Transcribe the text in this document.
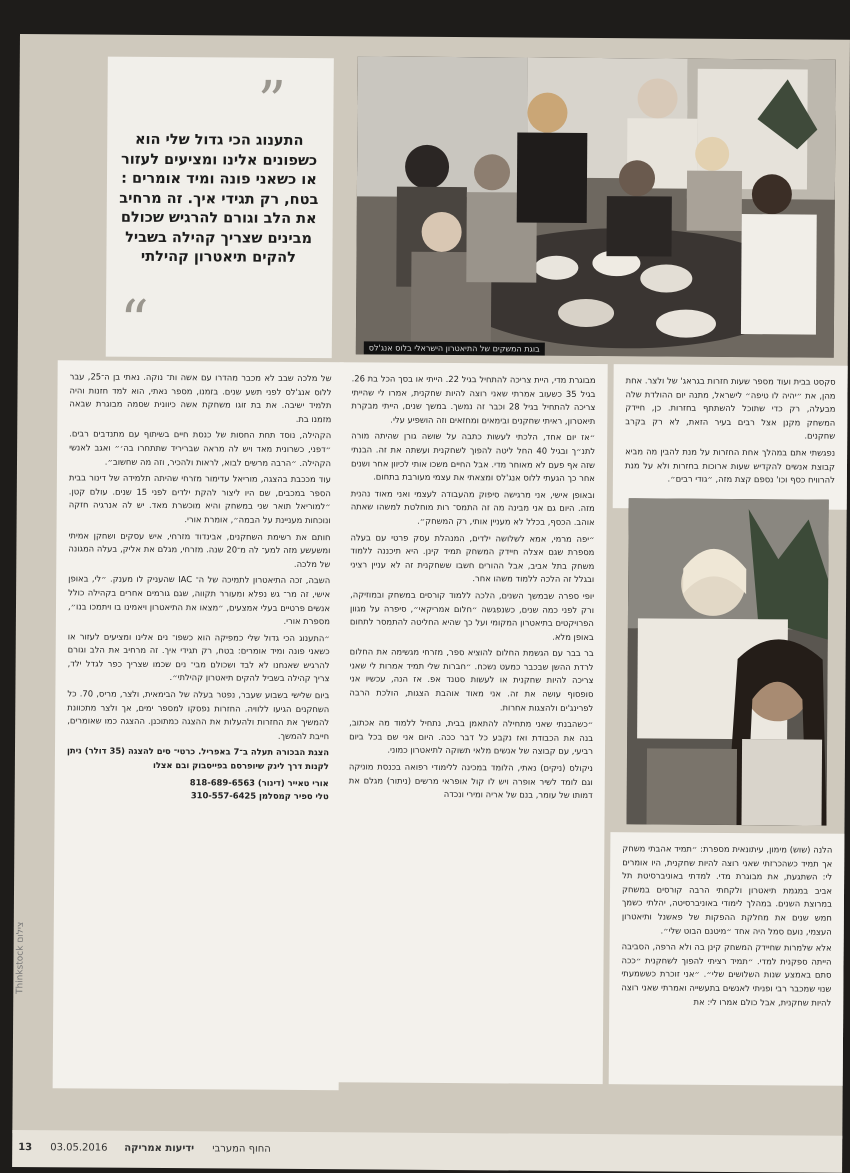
”
“
התענוג הכי גדול שלי הוא כשפונים אלינו ומציעים לעזור או כשאני פונה ומיד אומרים : בטח, רק תגידי איך. זה מרחיב את הלב וגורם להרגיש שכולם מבינים שצריך קהילה בשביל להקים תיאטרון קהילתי
בוגת המשקים של התיאטרון הישראלי בלוס אנג'לס

של מלכה שבב לא מכבר מהדרו עם אשה ות־ נוקה. נאתי בן ה־25, עבר ללוס אנג'לס לפני תשע שנים. בזמנו, מספר נאתי, הוא למד חזנות והיה תלמיד ישיבה. את בת זוגו משחקת אשה כיוונית שסמה מבוגרת שבאה מזמנו בת.

הקהילה, נוסד תחת החסות של כנסת חיים בשיתוף עם מתנדבים רבים. ״דפני, כשרונית מאד ויש לה מראה שבריריד שתתחרו בה׳״ ואגב לאנשי הקהילה. ״הרבה מרשים לבוא, לראות ולהכיר, וזה מה שחשוב״.

עוד מככבת בהצגה, מוריאל עדימור מזרחי שהיתה תלמידה של דינור בבית הספר במכבים, שם היו ליצור להקת ילדים לפני 15 שנים. עולם קטן. ״למוריאל תואר שני במשחק והיא מוכשרת מאד. יש לה אנרגיה חזקה ונוכחות מעניינת על הבמה״, אומרת אורי.

חותם את רשימת השחקנים, אבינדוד מזרחי, איש עסקים ושחקן אמיתי ומשעשע מזה למע־ לה מ־20 שנה. מזרחי, מגלם את אליק, בעלה המגונה של מלכה.

השבה, זכה התיאטרון לתמיכה של ה־ IAC שהעניק לו מענק. ״לי, באופן אישי, זה מר־ גש נפלא ומעורר תקווה, שגם גורמים אחרים בקהילה כולל אנשים פרטיים בעלי אמצעים, ״מצאו את התיאטרון ויאמינו בו ויתמכו בנו״, מספרת אורי.

״התענוג הכי גדול שלי כמפיקה הוא כשפו־ נים אלינו ומציעים לעזור או כשאני פונה ומיד אומרים: בטח, רק תגידי איך. זה מרחיב את הלב וגורם להרגיש שאנחנו לא לבד ושכולם מבי־ נים שכמו שצריך כפר לגדל ילד, צריך קהילה בשביל להקים תיאטרון קהילתי״.

ביום שלישי בשבוע שעבר, נפטר בעלה של הבימאית, ולצר, מריס, 70. כל השחקנים הגיעו ללוויה. החזרות נפסקו למספר ימים, אך ולצר מתכוונת להמשיך את החזרות ולהעלות את ההצגה כמתוכנן. ההצגה כמו שאומרים, חייבת להמשך.

הצגת הבכורה תעלה ב־7 באפריל. כרטי־ סים להצגה (35 דולר) ניתן לקנות דרך לינק שיופרסם בפייסבוק ובם אצלו

אורי טאייר (דינור) 818-689-6563

טלי ספיר קמסלמן 310-557-6425

מבוגרת מדי, היית צריכה להתחיל בגיל 22. הייתי או בסך הכל בת 26. בגיל 35 כשעוב אמרתי שאני רוצה להיות שחקנית, אמרו לי שהייתי צריכה להתחיל בגיל 28 וכבר זה נמשך. במשך שנים, הייתי מבקרת תיאטרון, ראיתי שחקנים ובימאים ומחזאים וזה הושפיע עלי.

״אז יום אחד, הלכתי לעשות כתבה על שושה גורן שהיתה מורה לתנ״ך ובגיל 40 החל ליטה להפוך לשחקנית ועשתה את זה. הבנתי שזה אף פעם לא מאוחר מדי. אבל החיים משכו אותי לכיוון אחר ושנים אחר כך הגעתי ללוס אנג'לס ומצאתי את עצמי מעורבת בתחום.

ובאופן אישי, אני מרגישה סיפוק מהעבודה לעצמי ואני מאוד נהנית מזה. היום גם אני מבינה מה זה התמס־ רות מוחלטת למשהו שאתה אוהב. הכסף, בכלל לא מעניין אותי, רק המשחק״.

״יפה מרמי, אמא לשלושה ילדים, המנהלת עסק פרטי עם בעלה מספרת שגם אצלה חיידק המשחק תמיד קינן. היא תיכננה ללמוד משחק בתל אביב, אבל ההורים חשבו ששחקנית זה לא עניין רציני ובגלל זה הלכה ללמוד משהו אחר.

יופי ספרה שבמשך השנים, הלכה ללמוד קורסים במשחק ובמוזיקה, ורק לפני כמה שנים, כשנפגשה ״חלום אמריקאי״, סיפרה על מגוון הפרויקטים בתיאטרון המקומי ועל כך שהיא החליטה להתמסר לתחום באופן מלא.

בר בבר עם הגשמת החלום להוציא ספר, מזרחי מגשימה את החלום לרדת ההשן שבכבר כמעט נשכח. ״חברות שלי תמיד אמרות לי שאני צריכה להיות שחקנית או לעשות סטנד אפ. אז הנה, עכשיו אני סופסוף עושה את זה. אני מאוד אוהבת הצגות, הולכת הרבה לפרינג'ים ולהצגות אחרות.

״כשהבנתי שאני מתחילה להתאמן בבית, נתחיל ללמוד מה אכתוב, בנה את הכבודת ואז נקבע כל דבר ככה. היום אני שם בכל ביום רביעי, עם קבוצה של אנשים מלאי תשוקה לתיאטרון כמוני.

ניקולס (ניקים) נאתי, הלומד במכינה ללימודי רפואה בכנסת מוניקה וגם לומד לשיר אופרה ויש לו קול אופראי מרשים (ניתור) מגלם את דמותו של עומר, בנם של אריה ומירי ונכדה

סקסט בבית ועוד מספר שעות חזרות בגראג' של ולצר. אחת מהן, את ״יהיה לו טיפה״ לישראל, מתנה יום ההולדת שלה מבעלה, רק כדי שתוכל להשתתף בחזרות. כן, חיידק המשחק מקנן אצל רבים בעיר הזאת, לא רק בקרב שחקנים.

נפגשתי אתם במהלך אחת החזרות על מנת להבין מה מביא קבוצת אנשים להקדיש שעות ארוכות בחזרות ולא על מנת להרוויח כסף וכו' נספם קצת מזה, ״גודי רבים״.

הלנה (שוש) מימון, עיתונאית מספרת: ״תמיד אהבתי משחק אך תמיד כשהכרזתי שאני רוצה להיות שחקנית, היו אומרים לי: השתגעת, את מבוגרת מדי. למדתי באוניברסיטת תל אביב במגמת תיאטרון ולקחתי הרבה קורסים במשחק במרוצת השנים. במהלך לימודי באוניברסיטה, יהלתי כשמך חמש שנים את מחלקת ההפקות של פאשנל ותיאטרון העצמי, נועם סמל היה אחד ״מיטנם הבוט שלי״.

אלא שלמרות שחיידק המשחק קינן בה ולא הרפה, הסביבה הייתה ספקנית למדי. ״תמיד רציתי להפוך לשחקנית ״ככה סתם באמצע שנות השלושים שלי״. ״אני זוכרת כששמעתי שנוי שמכבר רבי ופניתי לאנשים בתעשייה ואמרתי שאני רוצה להיות שחקנית, אבל כולם אמרו לי: את

Thinkstock צילום
13 03.05.2016 ידיעות אמריקה החוף המערבי
